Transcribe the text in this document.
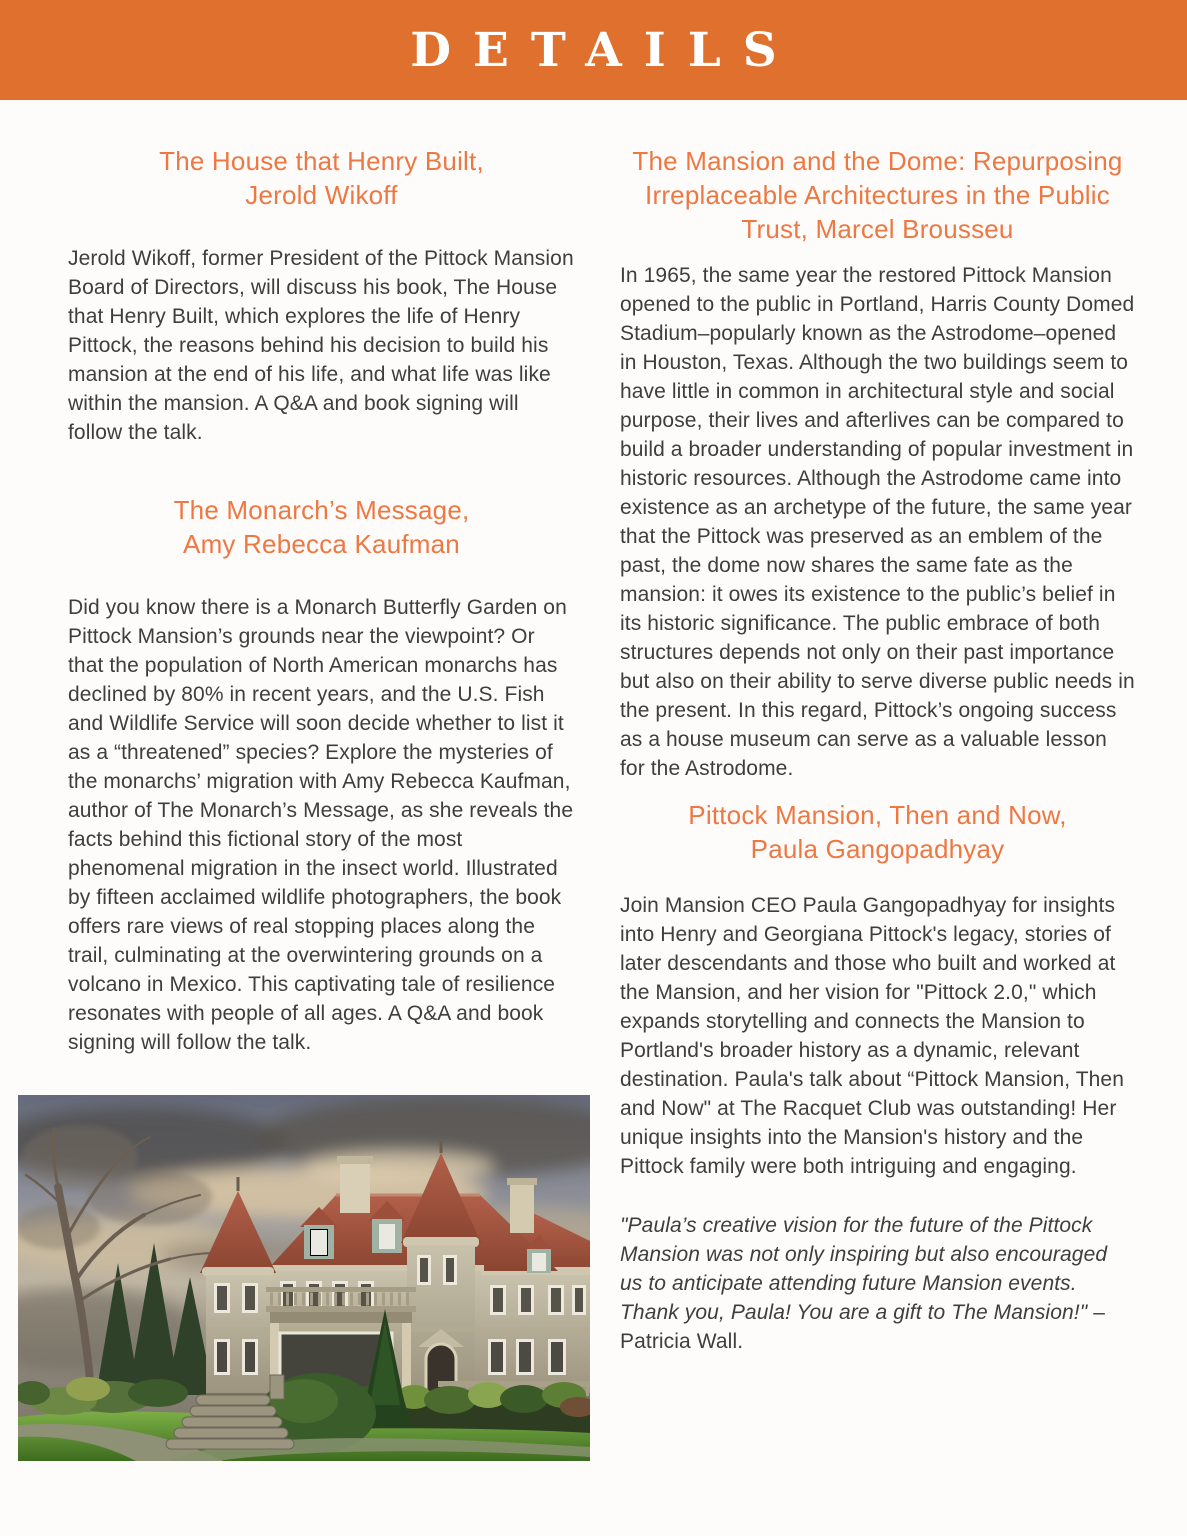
DETAILS
The House that Henry Built,
Jerold Wikoff

Jerold Wikoff, former President of the Pittock Mansion Board of Directors, will discuss his book, The House that Henry Built, which explores the life of Henry Pittock, the reasons behind his decision to build his mansion at the end of his life, and what life was like within the mansion. A Q&A and book signing will follow the talk.

The Monarch’s Message,
Amy Rebecca Kaufman

Did you know there is a Monarch Butterfly Garden on Pittock Mansion’s grounds near the viewpoint? Or that the population of North American monarchs has declined by 80% in recent years, and the U.S. Fish and Wildlife Service will soon decide whether to list it as a “threatened” species? Explore the mysteries of the monarchs’ migration with Amy Rebecca Kaufman, author of The Monarch’s Message, as she reveals the facts behind this fictional story of the most phenomenal migration in the insect world. Illustrated by fifteen acclaimed wildlife photographers, the book offers rare views of real stopping places along the trail, culminating at the overwintering grounds on a volcano in Mexico. This captivating tale of resilience resonates with people of all ages. A Q&A and book signing will follow the talk.

The Mansion and the Dome: Repurposing Irreplaceable Architectures in the Public Trust, Marcel Brousseu

In 1965, the same year the restored Pittock Mansion opened to the public in Portland, Harris County Domed Stadium–popularly known as the Astrodome–opened in Houston, Texas. Although the two buildings seem to have little in common in architectural style and social purpose, their lives and afterlives can be compared to build a broader understanding of popular investment in historic resources. Although the Astrodome came into existence as an archetype of the future, the same year that the Pittock was preserved as an emblem of the past, the dome now shares the same fate as the mansion: it owes its existence to the public’s belief in its historic significance. The public embrace of both structures depends not only on their past importance but also on their ability to serve diverse public needs in the present. In this regard, Pittock’s ongoing success as a house museum can serve as a valuable lesson for the Astrodome.

Pittock Mansion, Then and Now,
Paula Gangopadhyay

Join Mansion CEO Paula Gangopadhyay for insights into Henry and Georgiana Pittock's legacy, stories of later descendants and those who built and worked at the Mansion, and her vision for "Pittock 2.0," which expands storytelling and connects the Mansion to Portland's broader history as a dynamic, relevant destination. Paula's talk about “Pittock Mansion, Then and Now" at The Racquet Club was outstanding! Her unique insights into the Mansion's history and the Pittock family were both intriguing and engaging.

"Paula’s creative vision for the future of the Pittock Mansion was not only inspiring but also encouraged us to anticipate attending future Mansion events. Thank you, Paula! You are a gift to The Mansion!" – Patricia Wall.
